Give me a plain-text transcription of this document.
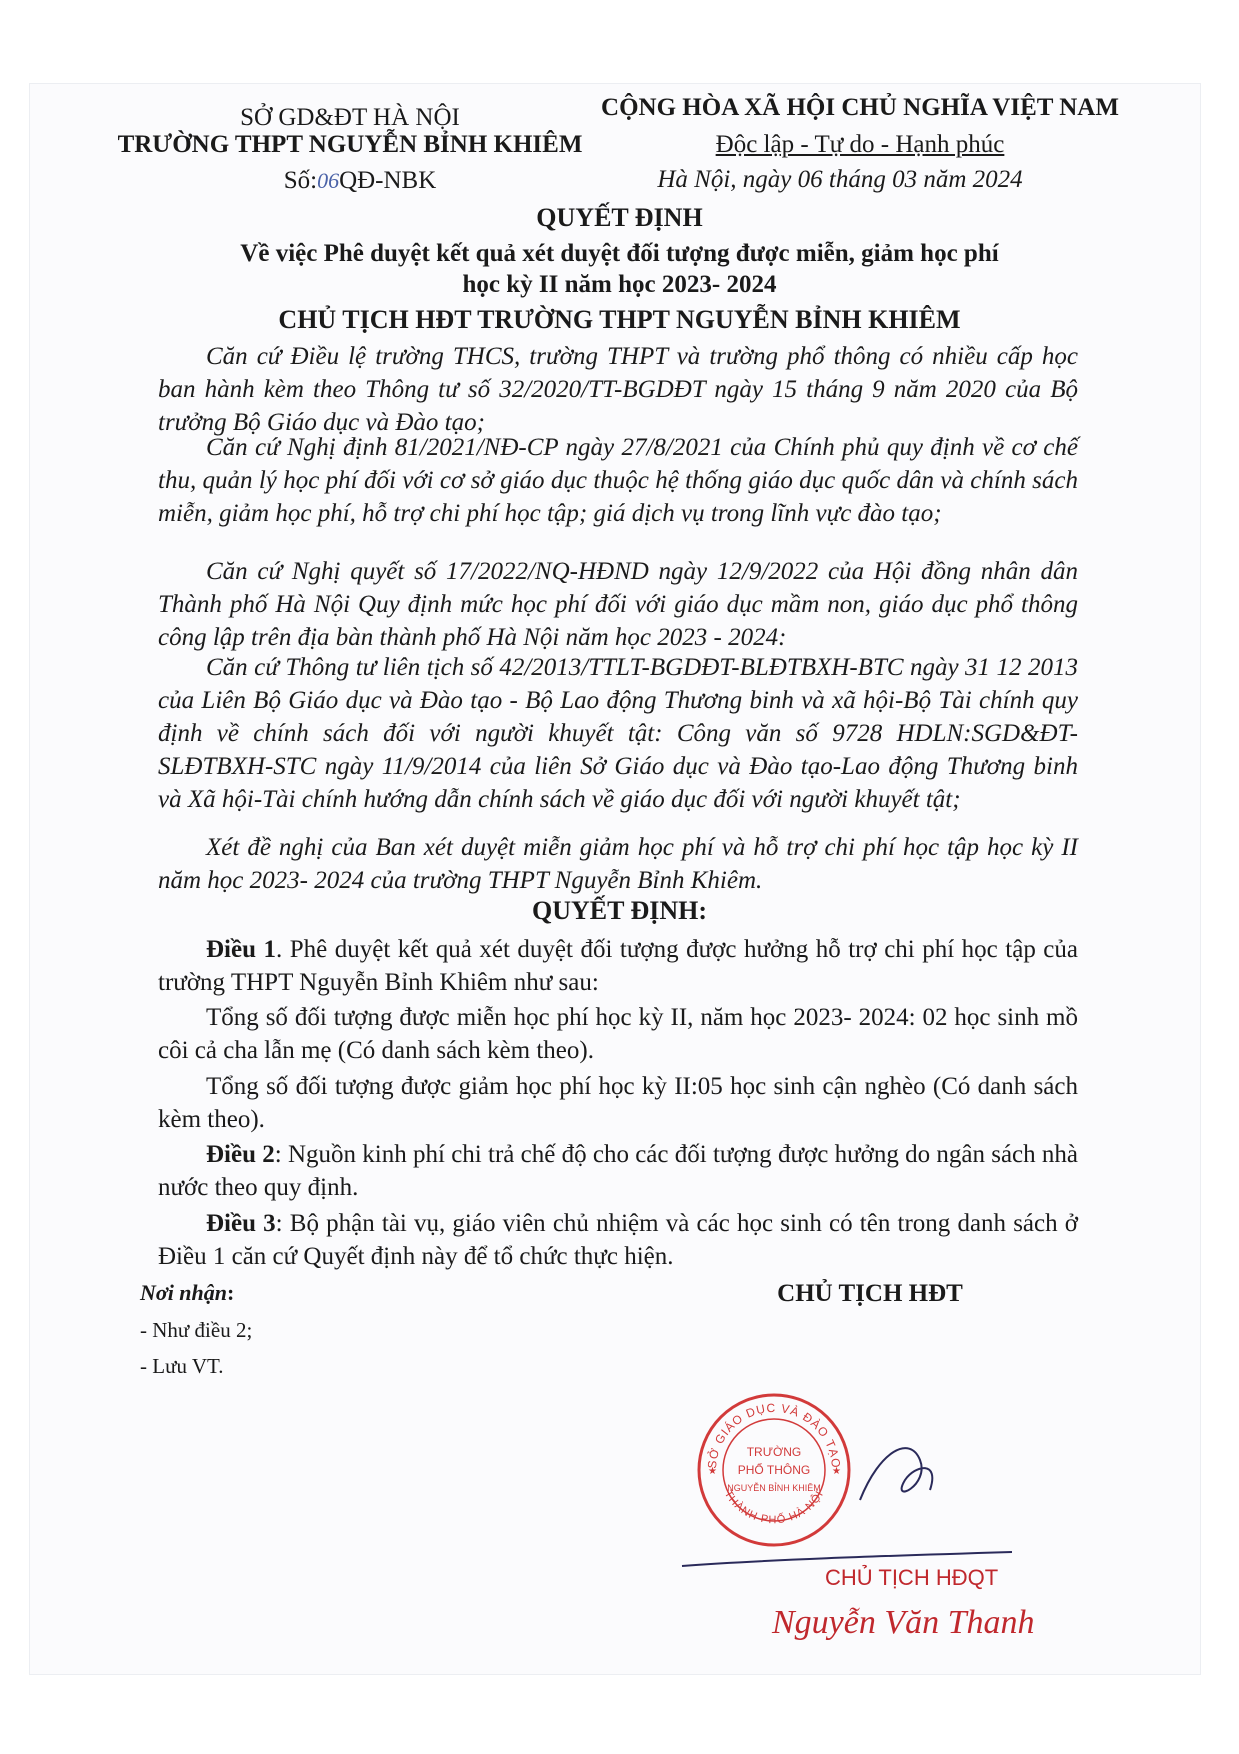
SỞ GD&ĐT HÀ NỘI
TRƯỜNG THPT NGUYỄN BỈNH KHIÊM
Số:06QĐ-NBK
CỘNG HÒA XÃ HỘI CHỦ NGHĨA VIỆT NAM
Độc lập - Tự do - Hạnh phúc
Hà Nội, ngày 06 tháng 03 năm 2024
QUYẾT ĐỊNH
Về việc Phê duyệt kết quả xét duyệt đối tượng được miễn, giảm học phí
học kỳ II năm học 2023- 2024
CHỦ TỊCH HĐT TRƯỜNG THPT NGUYỄN BỈNH KHIÊM
Căn cứ Điều lệ trường THCS, trường THPT và trường phổ thông có nhiều cấp học ban hành kèm theo Thông tư số 32/2020/TT-BGDĐT ngày 15 tháng 9 năm 2020 của Bộ trưởng Bộ Giáo dục và Đào tạo;
Căn cứ Nghị định 81/2021/NĐ-CP ngày 27/8/2021 của Chính phủ quy định về cơ chế thu, quản lý học phí đối với cơ sở giáo dục thuộc hệ thống giáo dục quốc dân và chính sách miễn, giảm học phí, hỗ trợ chi phí học tập; giá dịch vụ trong lĩnh vực đào tạo;
Căn cứ Nghị quyết số 17/2022/NQ-HĐND ngày 12/9/2022 của Hội đồng nhân dân Thành phố Hà Nội Quy định mức học phí đối với giáo dục mầm non, giáo dục phổ thông công lập trên địa bàn thành phố Hà Nội năm học 2023 - 2024:
Căn cứ Thông tư liên tịch số 42/2013/TTLT-BGDĐT-BLĐTBXH-BTC ngày 31 12 2013 của Liên Bộ Giáo dục và Đào tạo - Bộ Lao động Thương binh và xã hội-Bộ Tài chính quy định về chính sách đối với người khuyết tật: Công văn số 9728 HDLN:SGD&ĐT-SLĐTBXH-STC ngày 11/9/2014 của liên Sở Giáo dục và Đào tạo-Lao động Thương binh và Xã hội-Tài chính hướng dẫn chính sách về giáo dục đối với người khuyết tật;
Xét đề nghị của Ban xét duyệt miễn giảm học phí và hỗ trợ chi phí học tập học kỳ II năm học 2023- 2024 của trường THPT Nguyễn Bỉnh Khiêm.
QUYẾT ĐỊNH:
Điều 1. Phê duyệt kết quả xét duyệt đối tượng được hưởng hỗ trợ chi phí học tập của trường THPT Nguyễn Bỉnh Khiêm như sau:
Tổng số đối tượng được miễn học phí học kỳ II, năm học 2023- 2024: 02 học sinh mồ côi cả cha lẫn mẹ (Có danh sách kèm theo).
Tổng số đối tượng được giảm học phí học kỳ II:05 học sinh cận nghèo (Có danh sách kèm theo).
Điều 2: Nguồn kinh phí chi trả chế độ cho các đối tượng được hưởng do ngân sách nhà nước theo quy định.
Điều 3: Bộ phận tài vụ, giáo viên chủ nhiệm và các học sinh có tên trong danh sách ở Điều 1 căn cứ Quyết định này để tổ chức thực hiện.
Nơi nhận:
- Như điều 2;
- Lưu VT.
CHỦ TỊCH HĐT
SỞ GIÁO DỤC VÀ ĐÀO TẠO
THÀNH PHỐ HÀ NỘI
TRƯỜNG
PHỔ THÔNG
NGUYỄN BỈNH KHIÊM
★	★
CHỦ TỊCH HĐQT
Nguyễn Văn Thanh
